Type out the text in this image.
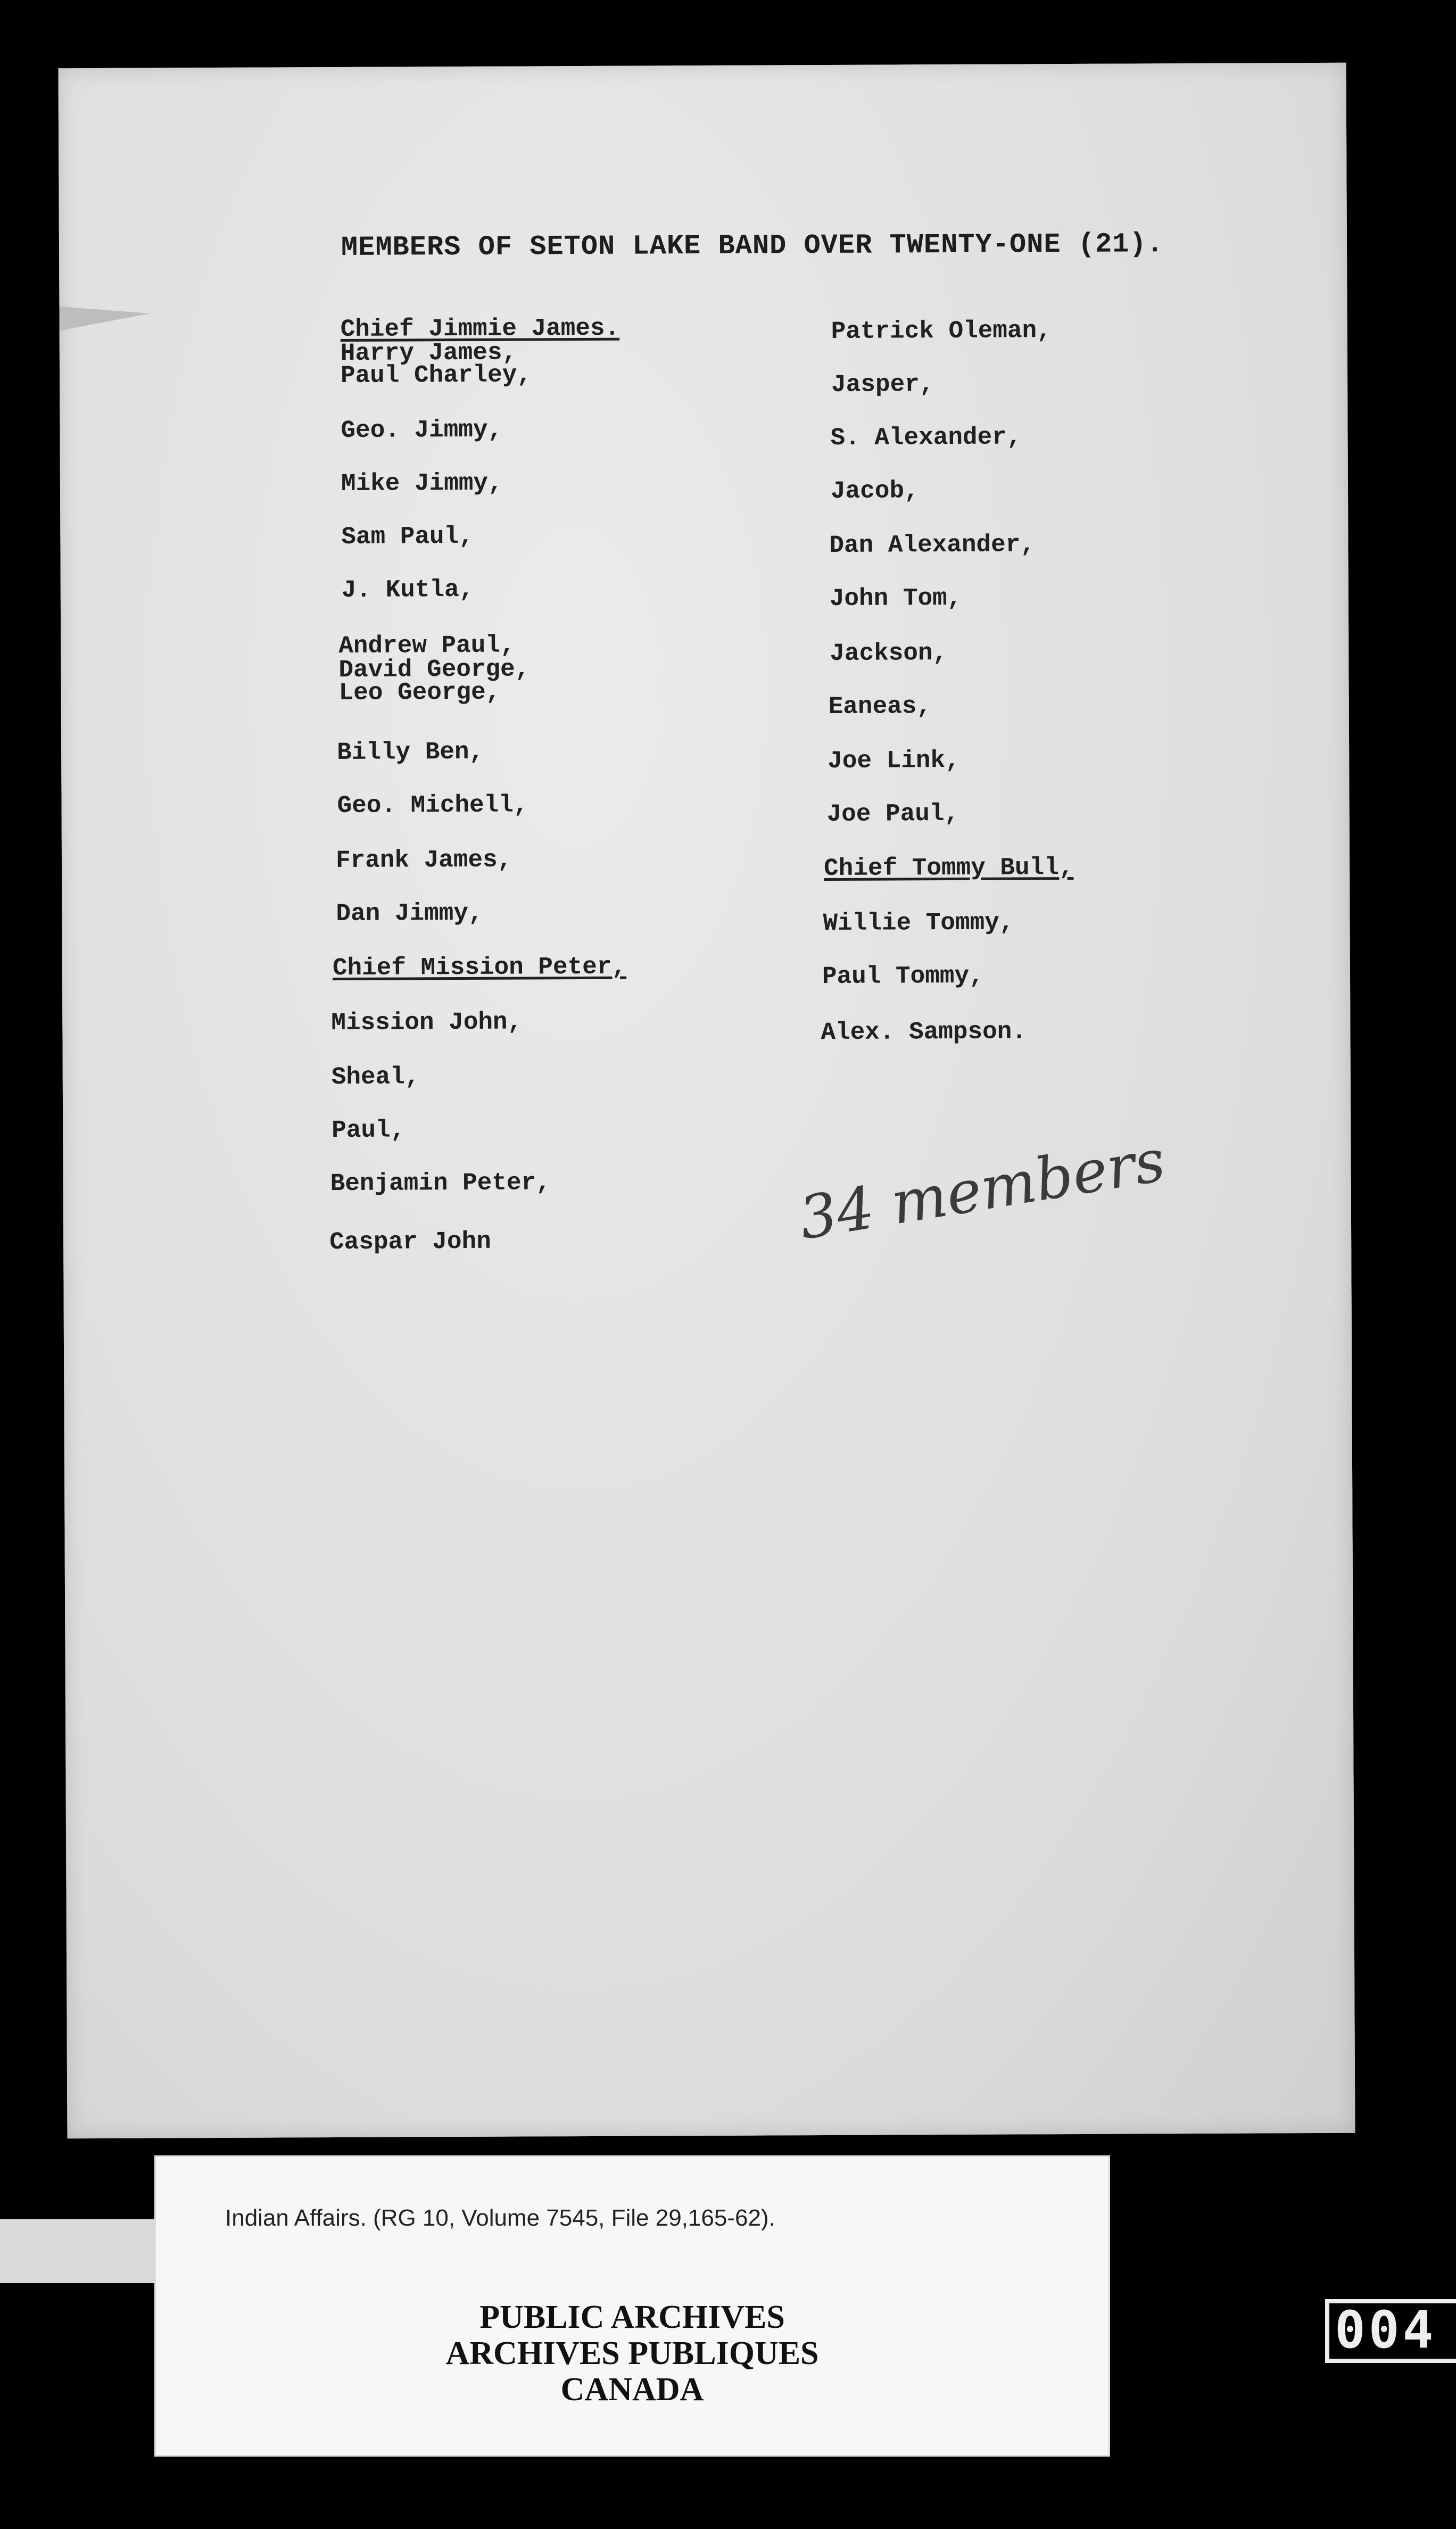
MEMBERS OF SETON LAKE BAND OVER TWENTY-ONE (21).
Chief Jimmie James.
Harry James,
Paul Charley,
Geo. Jimmy,
Mike Jimmy,
Sam Paul,
J. Kutla,
Andrew Paul,
David George,
Leo George,
Billy Ben,
Geo. Michell,
Frank James,
Dan Jimmy,
Chief Mission Peter,
Mission John,
Sheal,
Paul,
Benjamin Peter,
Caspar John
Patrick Oleman,
Jasper,
S. Alexander,
Jacob,
Dan Alexander,
John Tom,
Jackson,
Eaneas,
Joe Link,
Joe Paul,
Chief Tommy Bull,
Willie Tommy,
Paul Tommy,
Alex. Sampson.
34 members
Indian Affairs. (RG 10, Volume 7545, File 29,165-62).
PUBLIC ARCHIVES
ARCHIVES PUBLIQUES
CANADA
004
